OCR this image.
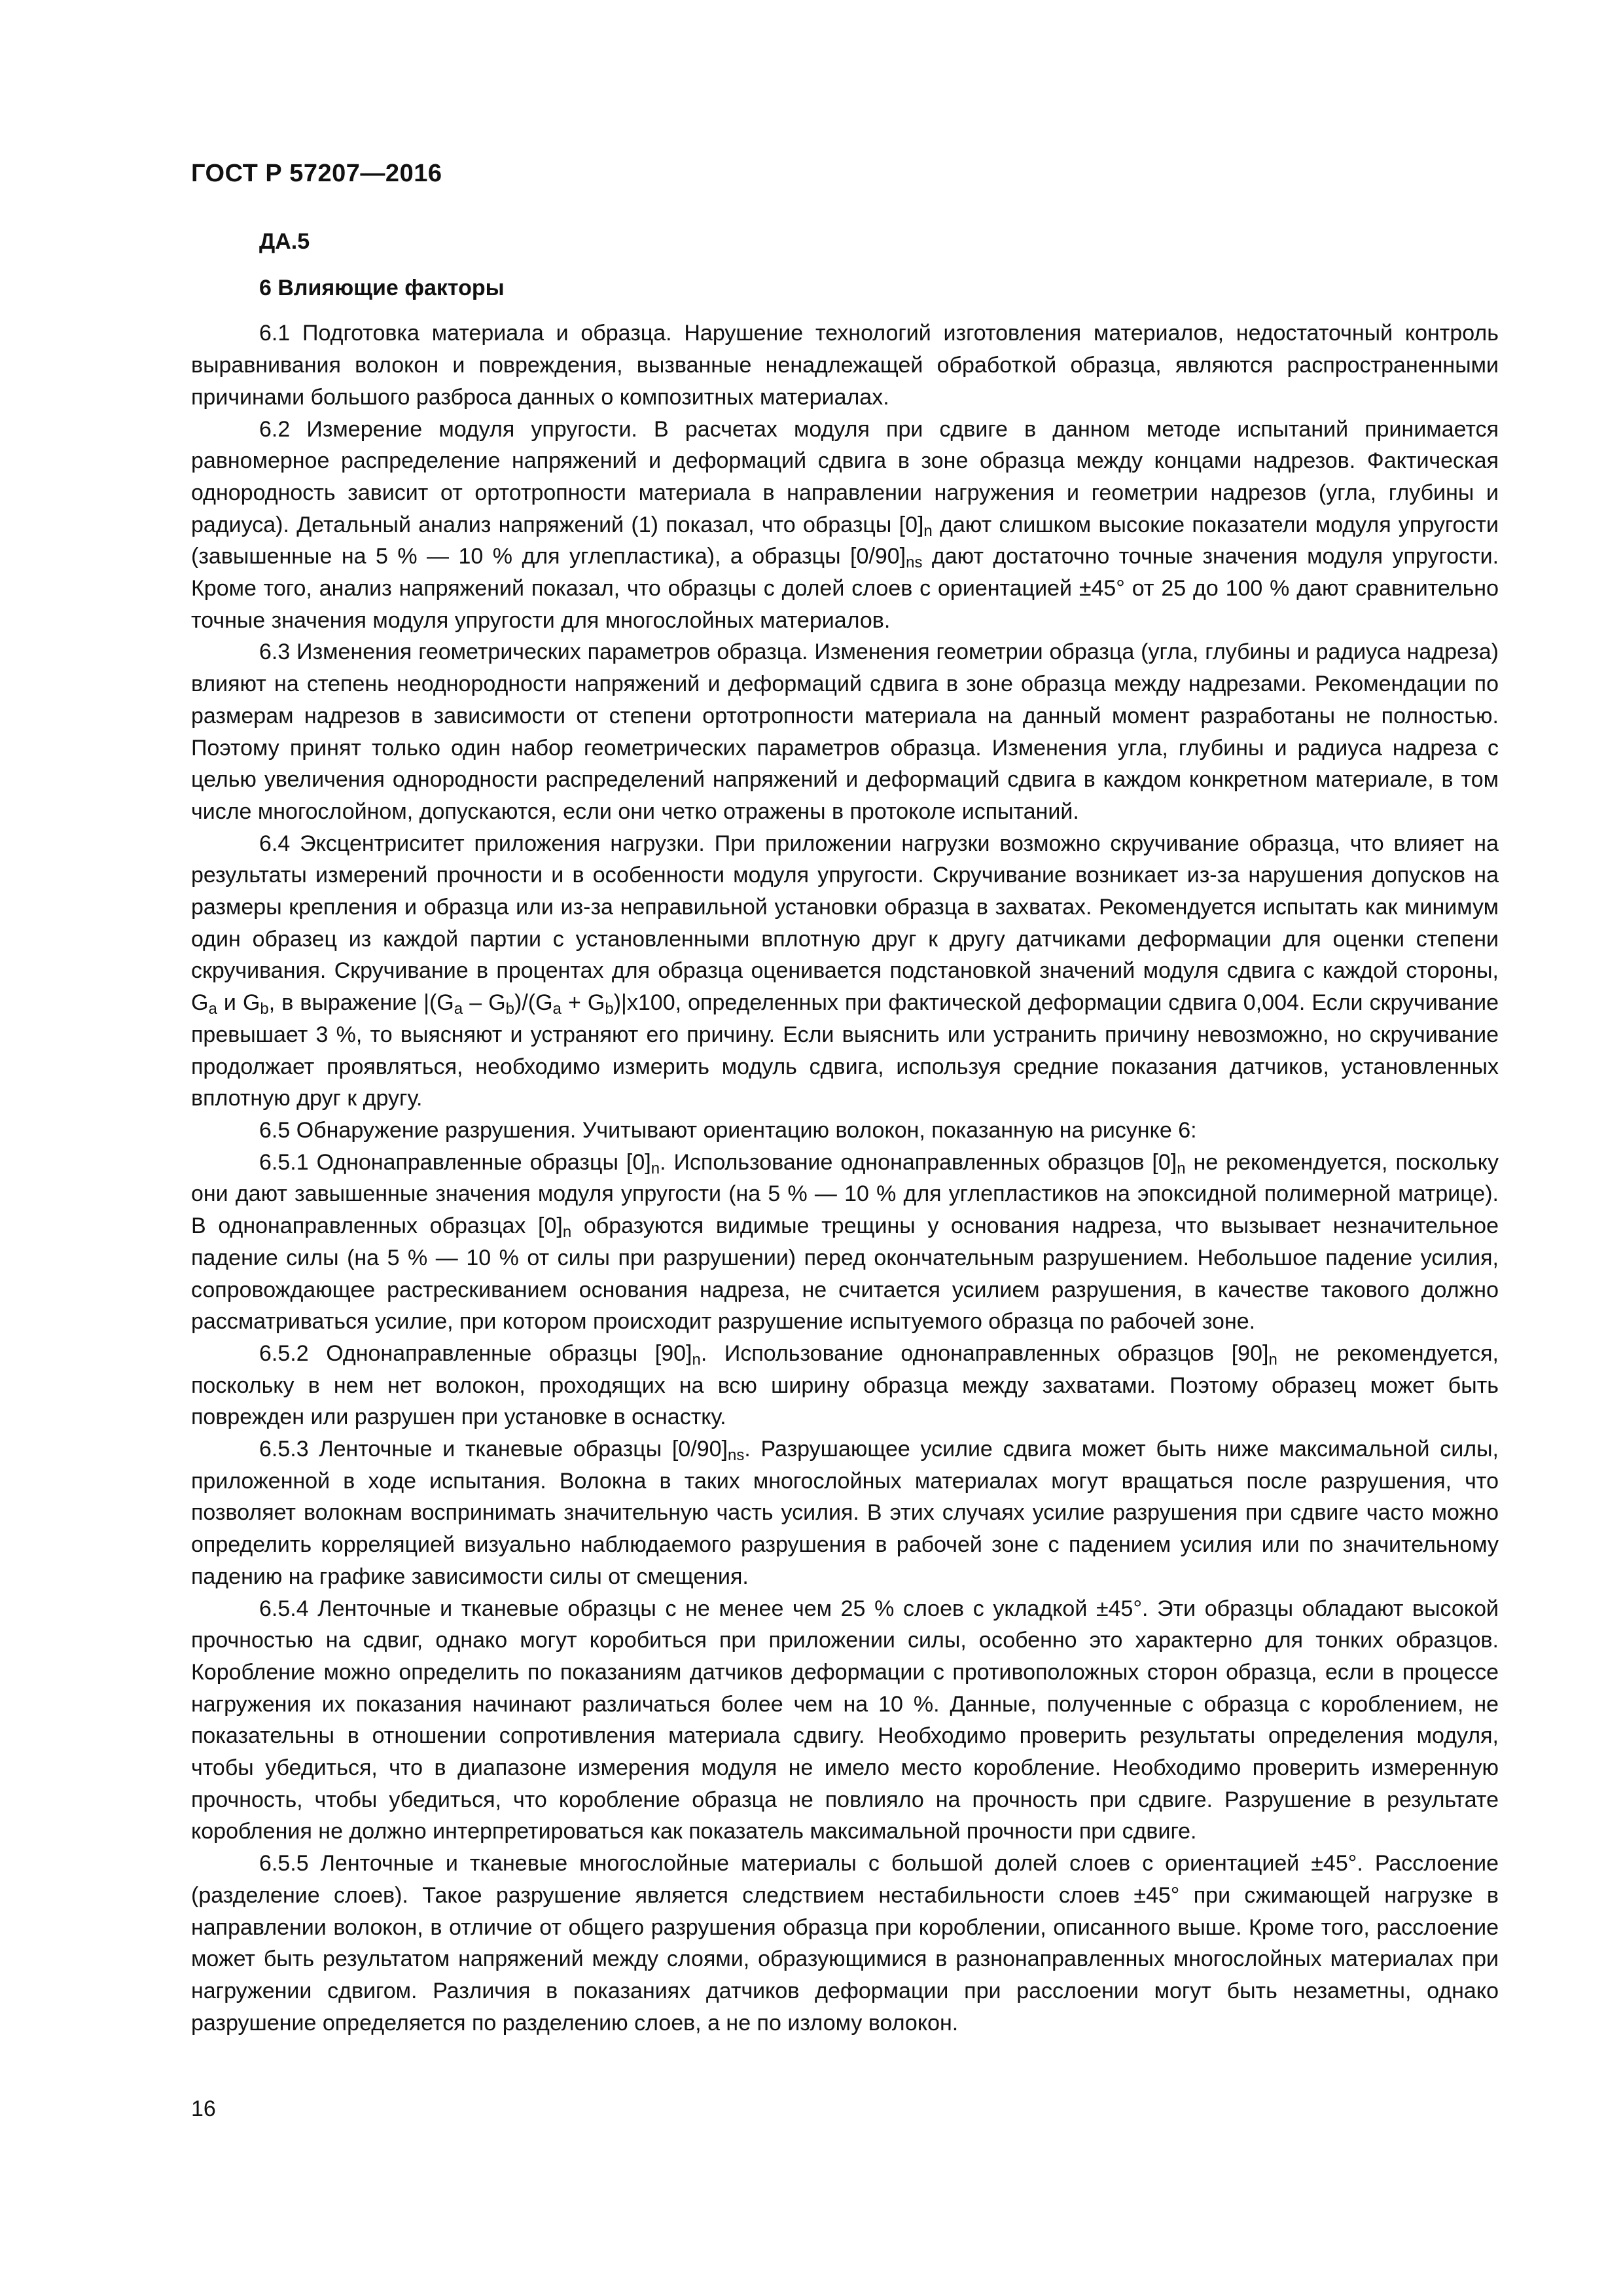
ГОСТ Р 57207—2016

ДА.5

6 Влияющие факторы

6.1 Подготовка материала и образца. Нарушение технологий изготовления материалов, недостаточный контроль выравнивания волокон и повреждения, вызванные ненадлежащей обработкой образца, являются распространенными причинами большого разброса данных о композитных материалах.

6.2 Измерение модуля упругости. В расчетах модуля при сдвиге в данном методе испытаний принимается равномерное распределение напряжений и деформаций сдвига в зоне образца между концами надрезов. Фактическая однородность зависит от ортотропности материала в направлении нагружения и геометрии надрезов (угла, глубины и радиуса). Детальный анализ напряжений (1) показал, что образцы $[0]_n$ дают слишком высокие показатели модуля упругости (завышенные на 5 % — 10 % для углепластика), а образцы $[0/90]_{ns}$ дают достаточно точные значения модуля упругости. Кроме того, анализ напряжений показал, что образцы с долей слоев с ориентацией ±45° от 25 до 100 % дают сравнительно точные значения модуля упругости для многослойных материалов.

6.3 Изменения геометрических параметров образца. Изменения геометрии образца (угла, глубины и радиуса надреза) влияют на степень неоднородности напряжений и деформаций сдвига в зоне образца между надрезами. Рекомендации по размерам надрезов в зависимости от степени ортотропности материала на данный момент разработаны не полностью. Поэтому принят только один набор геометрических параметров образца. Изменения угла, глубины и радиуса надреза с целью увеличения однородности распределений напряжений и деформаций сдвига в каждом конкретном материале, в том числе многослойном, допускаются, если они четко отражены в протоколе испытаний.

6.4 Эксцентриситет приложения нагрузки. При приложении нагрузки возможно скручивание образца, что влияет на результаты измерений прочности и в особенности модуля упругости. Скручивание возникает из-за нарушения допусков на размеры крепления и образца или из-за неправильной установки образца в захватах. Рекомендуется испытать как минимум один образец из каждой партии с установленными вплотную друг к другу датчиками деформации для оценки степени скручивания. Скручивание в процентах для образца оценивается подстановкой значений модуля сдвига с каждой стороны, $G_a$ и $G_b$, в выражение $|(G_a - G_b)/(G_a + G_b)|x100$, определенных при фактической деформации сдвига 0,004. Если скручивание превышает 3 %, то выясняют и устраняют его причину. Если выяснить или устранить причину невозможно, но скручивание продолжает проявляться, необходимо измерить модуль сдвига, используя средние показания датчиков, установленных вплотную друг к другу.

6.5 Обнаружение разрушения. Учитывают ориентацию волокон, показанную на рисунке 6:

6.5.1 Однонаправленные образцы $[0]_n$. Использование однонаправленных образцов $[0]_n$ не рекомендуется, поскольку они дают завышенные значения модуля упругости (на 5 % — 10 % для углепластиков на эпоксидной полимерной матрице). В однонаправленных образцах $[0]_n$ образуются видимые трещины у основания надреза, что вызывает незначительное падение силы (на 5 % — 10 % от силы при разрушении) перед окончательным разрушением. Небольшое падение усилия, сопровождающее растрескиванием основания надреза, не считается усилием разрушения, в качестве такового должно рассматриваться усилие, при котором происходит разрушение испытуемого образца по рабочей зоне.

6.5.2 Однонаправленные образцы $[90]_n$. Использование однонаправленных образцов $[90]_n$ не рекомендуется, поскольку в нем нет волокон, проходящих на всю ширину образца между захватами. Поэтому образец может быть поврежден или разрушен при установке в оснастку.

6.5.3 Ленточные и тканевые образцы $[0/90]_{ns}$. Разрушающее усилие сдвига может быть ниже максимальной силы, приложенной в ходе испытания. Волокна в таких многослойных материалах могут вращаться после разрушения, что позволяет волокнам воспринимать значительную часть усилия. В этих случаях усилие разрушения при сдвиге часто можно определить корреляцией визуально наблюдаемого разрушения в рабочей зоне с падением усилия или по значительному падению на графике зависимости силы от смещения.

6.5.4 Ленточные и тканевые образцы с не менее чем 25 % слоев с укладкой ±45°. Эти образцы обладают высокой прочностью на сдвиг, однако могут коробиться при приложении силы, особенно это характерно для тонких образцов. Коробление можно определить по показаниям датчиков деформации с противоположных сторон образца, если в процессе нагружения их показания начинают различаться более чем на 10 %. Данные, полученные с образца с короблением, не показательны в отношении сопротивления материала сдвигу. Необходимо проверить результаты определения модуля, чтобы убедиться, что в диапазоне измерения модуля не имело место коробление. Необходимо проверить измеренную прочность, чтобы убедиться, что коробление образца не повлияло на прочность при сдвиге. Разрушение в результате коробления не должно интерпретироваться как показатель максимальной прочности при сдвиге.

6.5.5 Ленточные и тканевые многослойные материалы с большой долей слоев с ориентацией ±45°. Расслоение (разделение слоев). Такое разрушение является следствием нестабильности слоев ±45° при сжимающей нагрузке в направлении волокон, в отличие от общего разрушения образца при короблении, описанного выше. Кроме того, расслоение может быть результатом напряжений между слоями, образующимися в разнонаправленных многослойных материалах при нагружении сдвигом. Различия в показаниях датчиков деформации при расслоении могут быть незаметны, однако разрушение определяется по разделению слоев, а не по излому волокон.

16
